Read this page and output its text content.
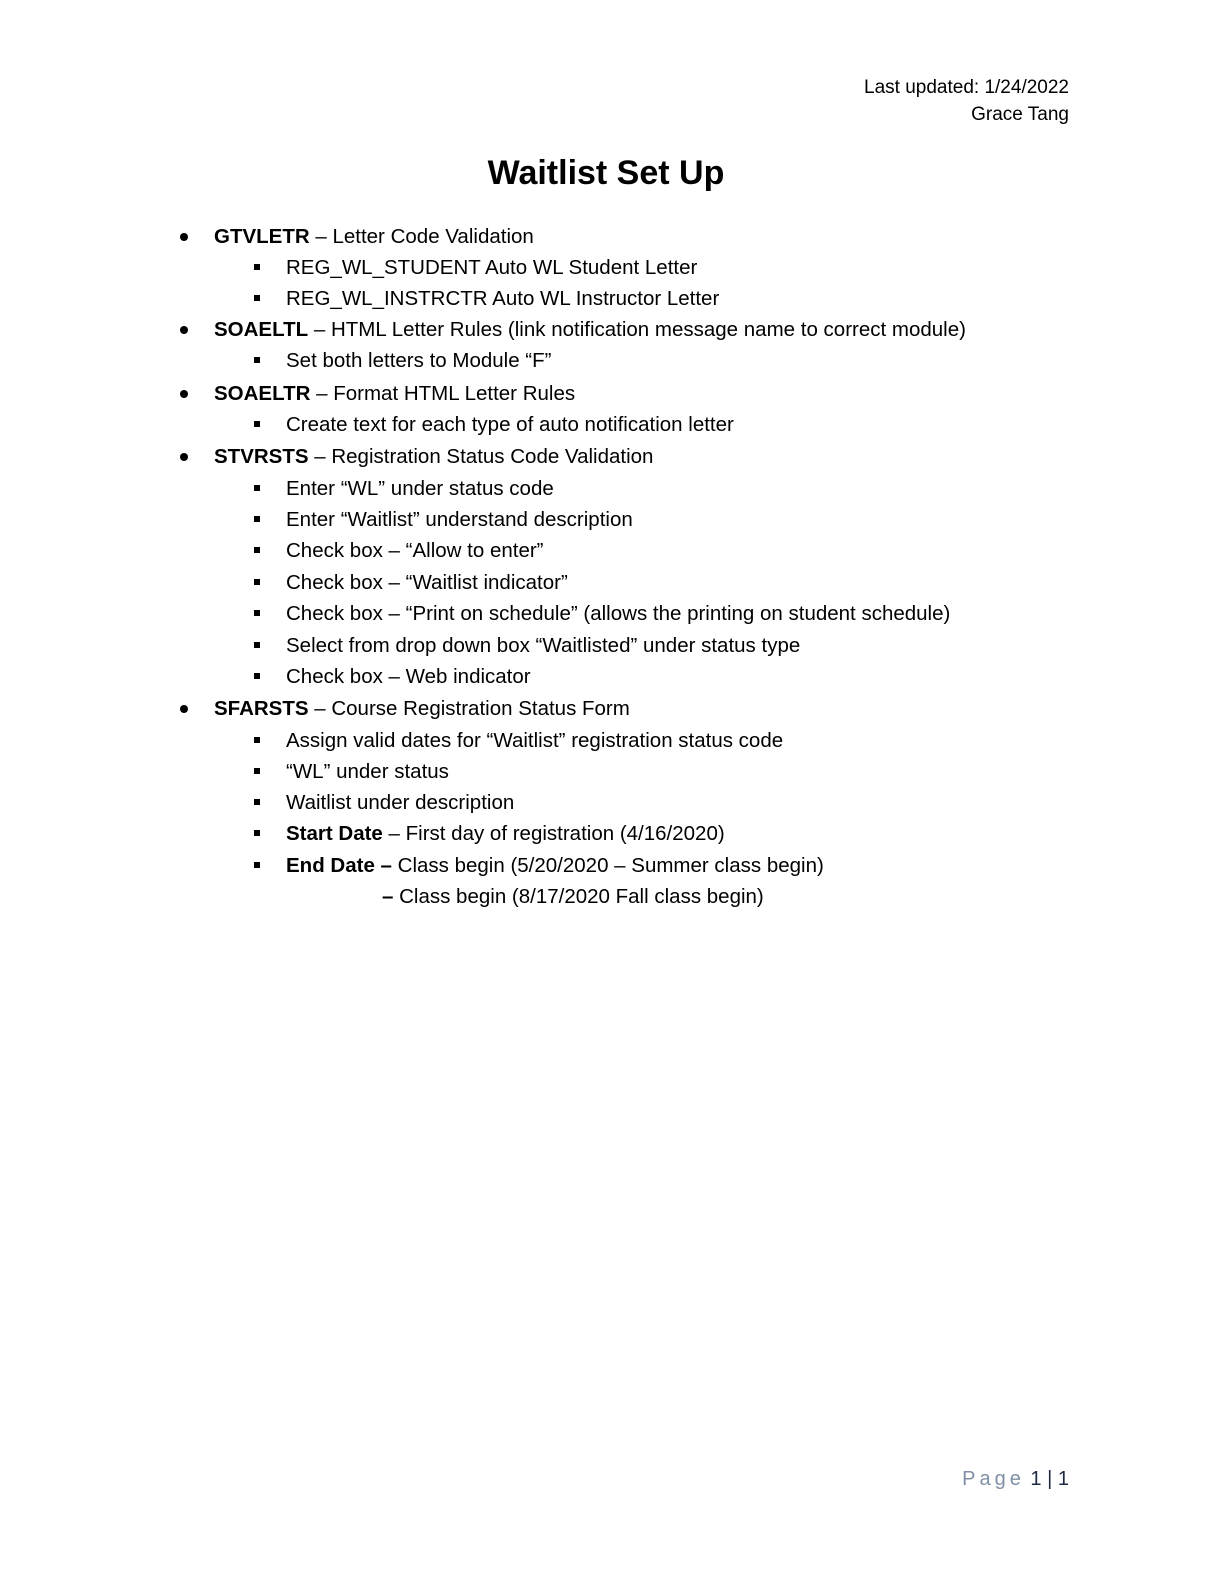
Last updated: 1/24/2022
Grace Tang
Waitlist Set Up
GTVLETR – Letter Code Validation
REG_WL_STUDENT Auto WL Student Letter
REG_WL_INSTRCTR Auto WL Instructor Letter
SOAELTL – HTML Letter Rules (link notification message name to correct module)
Set both letters to Module “F”
SOAELTR – Format HTML Letter Rules
Create text for each type of auto notification letter
STVRSTS – Registration Status Code Validation
Enter “WL” under status code
Enter “Waitlist” understand description
Check box – “Allow to enter”
Check box – “Waitlist indicator”
Check box – “Print on schedule” (allows the printing on student schedule)
Select from drop down box “Waitlisted” under status type
Check box – Web indicator
SFARSTS – Course Registration Status Form
Assign valid dates for “Waitlist” registration status code
“WL” under status
Waitlist under description
Start Date – First day of registration (4/16/2020)
End Date – Class begin (5/20/2020 – Summer class begin)
– Class begin (8/17/2020 Fall class begin)
Page 1 | 1
